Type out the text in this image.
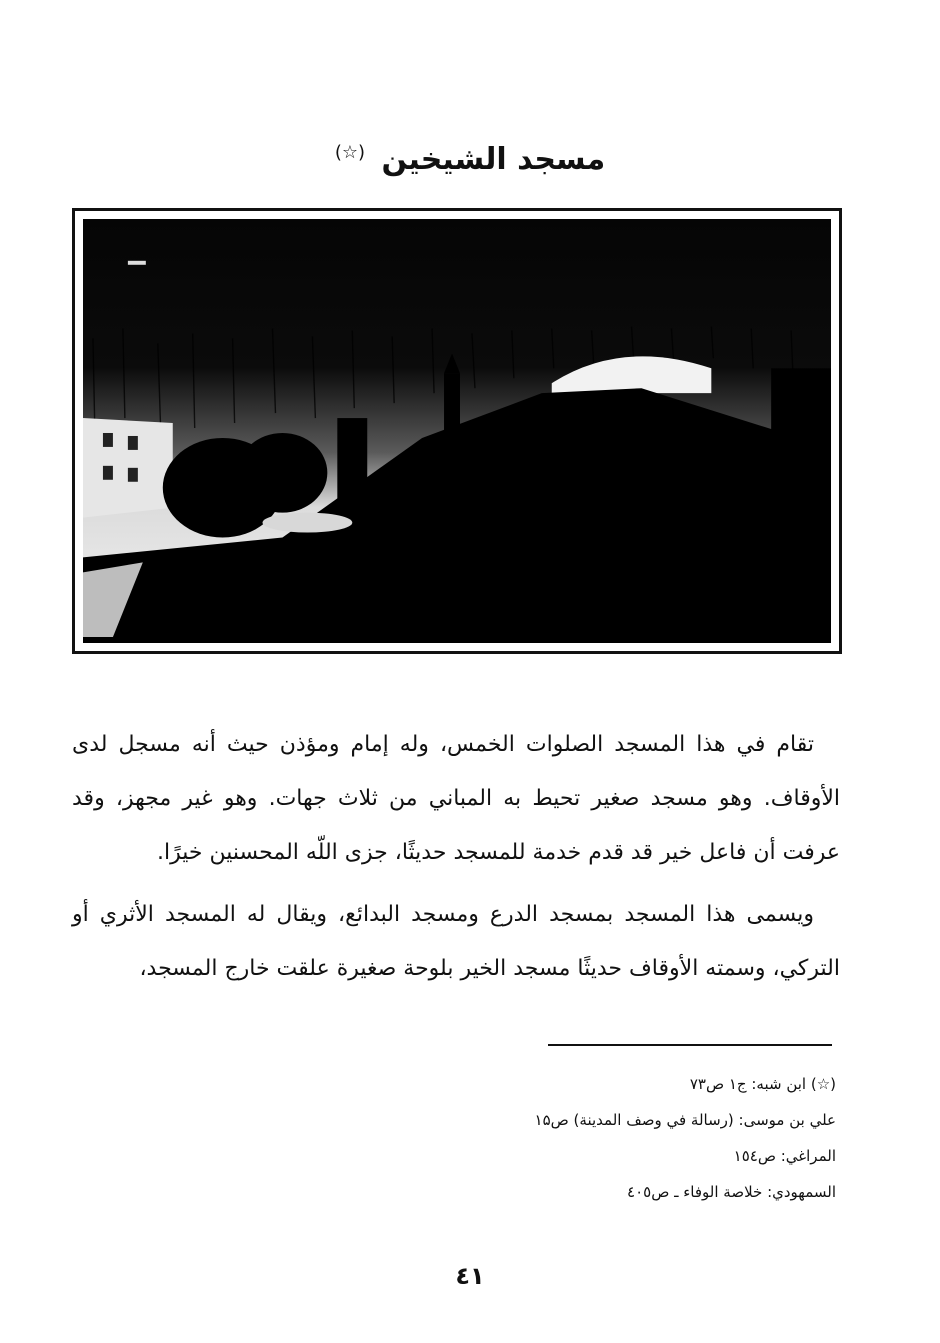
مسجد الشيخين (☆)

تقام في هذا المسجد الصلوات الخمس، وله إمام ومؤذن حيث أنه مسجل لدى الأوقاف. وهو مسجد صغير تحيط به المباني من ثلاث جهات. وهو غير مجهز، وقد عرفت أن فاعل خير قد قدم خدمة للمسجد حديثًا، جزى اللّه المحسنين خيرًا.

ويسمى هذا المسجد بمسجد الدرع ومسجد البدائع، ويقال له المسجد الأثري أو التركي، وسمته الأوقاف حديثًا مسجد الخير بلوحة صغيرة علقت خارج المسجد،

(☆) ابن شبه: ج۱ ص۷۳
علي بن موسى: (رسالة في وصف المدينة) ص۱۵
المراغي: ص۱٥٤
السمهودي: خلاصة الوفاء ـ ص٤٠٥
٤١
